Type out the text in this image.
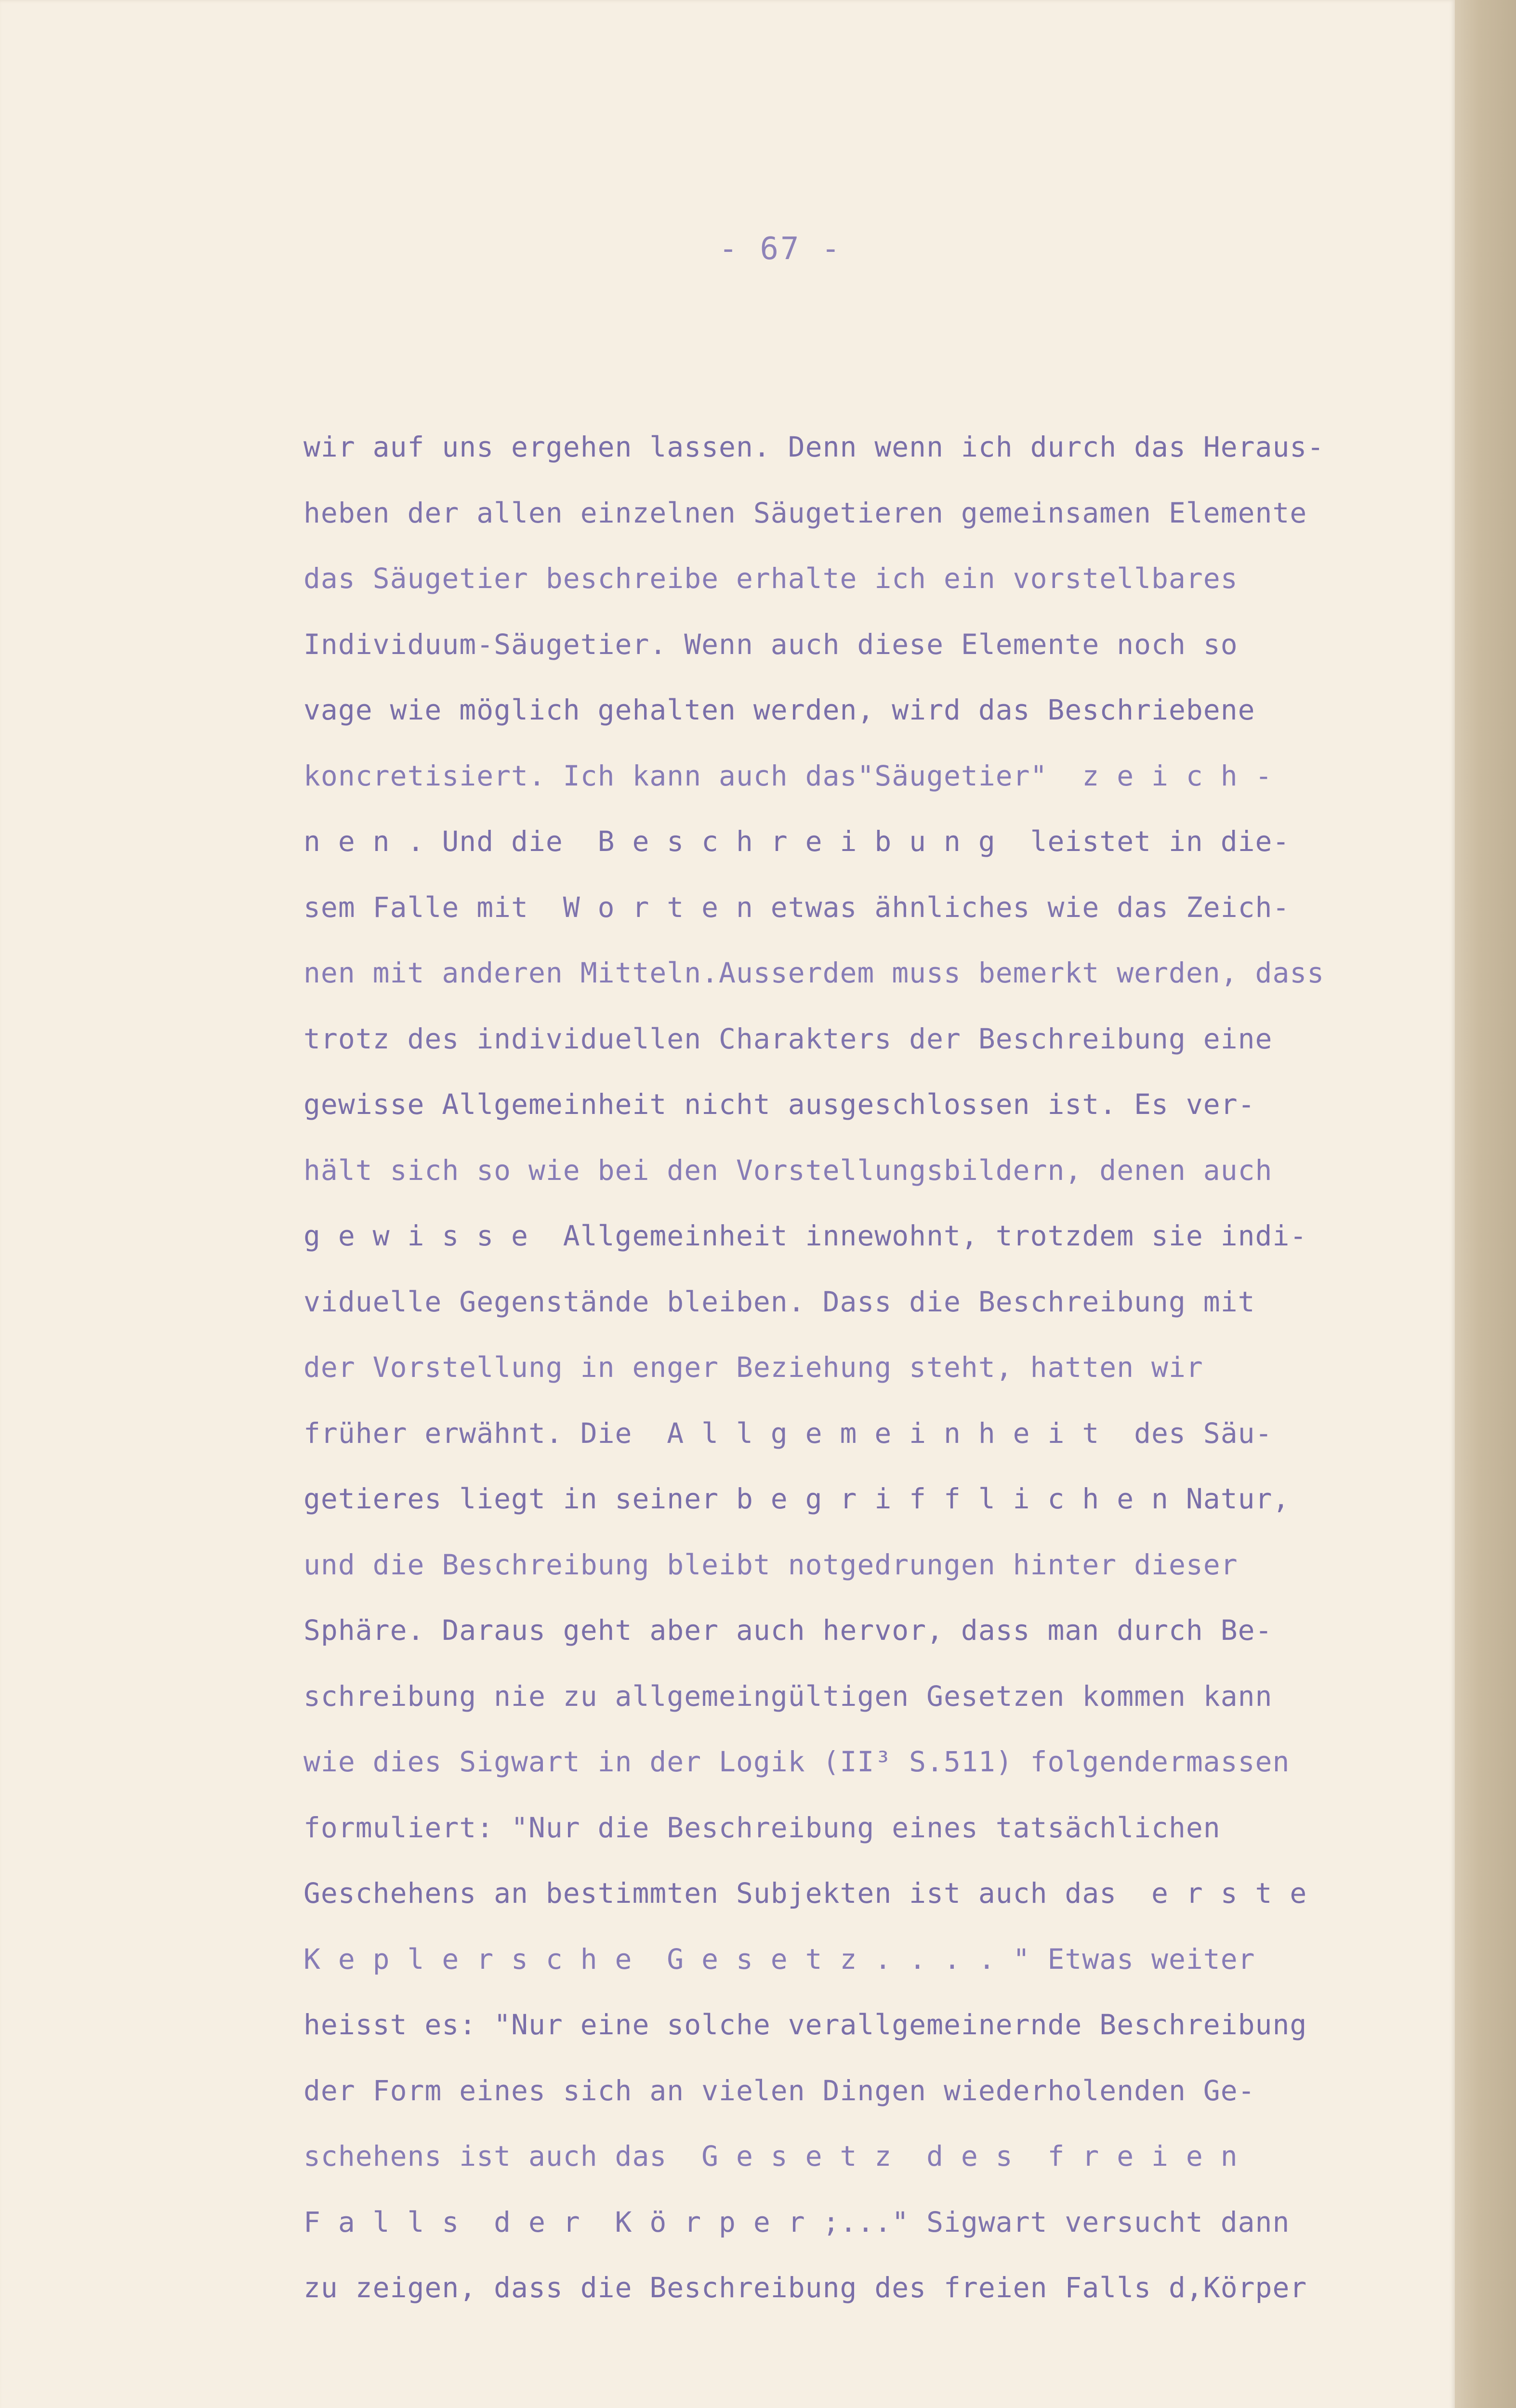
- 67 -
wir auf uns ergehen lassen. Denn wenn ich durch das Heraus-
heben der allen einzelnen Säugetieren gemeinsamen Elemente
das Säugetier beschreibe erhalte ich ein vorstellbares
Individuum-Säugetier. Wenn auch diese Elemente noch so
vage wie möglich gehalten werden, wird das Beschriebene
koncretisiert. Ich kann auch das"Säugetier"  z e i c h -
n e n . Und die  B e s c h r e i b u n g  leistet in die-
sem Falle mit  W o r t e n etwas ähnliches wie das Zeich-
nen mit anderen Mitteln.Ausserdem muss bemerkt werden, dass
trotz des individuellen Charakters der Beschreibung eine
gewisse Allgemeinheit nicht ausgeschlossen ist. Es ver-
hält sich so wie bei den Vorstellungsbildern, denen auch
g e w i s s e  Allgemeinheit innewohnt, trotzdem sie indi-
viduelle Gegenstände bleiben. Dass die Beschreibung mit
der Vorstellung in enger Beziehung steht, hatten wir
früher erwähnt. Die  A l l g e m e i n h e i t  des Säu-
getieres liegt in seiner b e g r i f f l i c h e n Natur,
und die Beschreibung bleibt notgedrungen hinter dieser
Sphäre. Daraus geht aber auch hervor, dass man durch Be-
schreibung nie zu allgemeingültigen Gesetzen kommen kann
wie dies Sigwart in der Logik (II³ S.511) folgendermassen
formuliert: "Nur die Beschreibung eines tatsächlichen
Geschehens an bestimmten Subjekten ist auch das  e r s t e
K e p l e r s c h e  G e s e t z . . . . " Etwas weiter
heisst es: "Nur eine solche verallgemeinernde Beschreibung
der Form eines sich an vielen Dingen wiederholenden Ge-
schehens ist auch das  G e s e t z  d e s  f r e i e n
F a l l s  d e r  K ö r p e r ;..." Sigwart versucht dann
zu zeigen, dass die Beschreibung des freien Falls d,Körper
